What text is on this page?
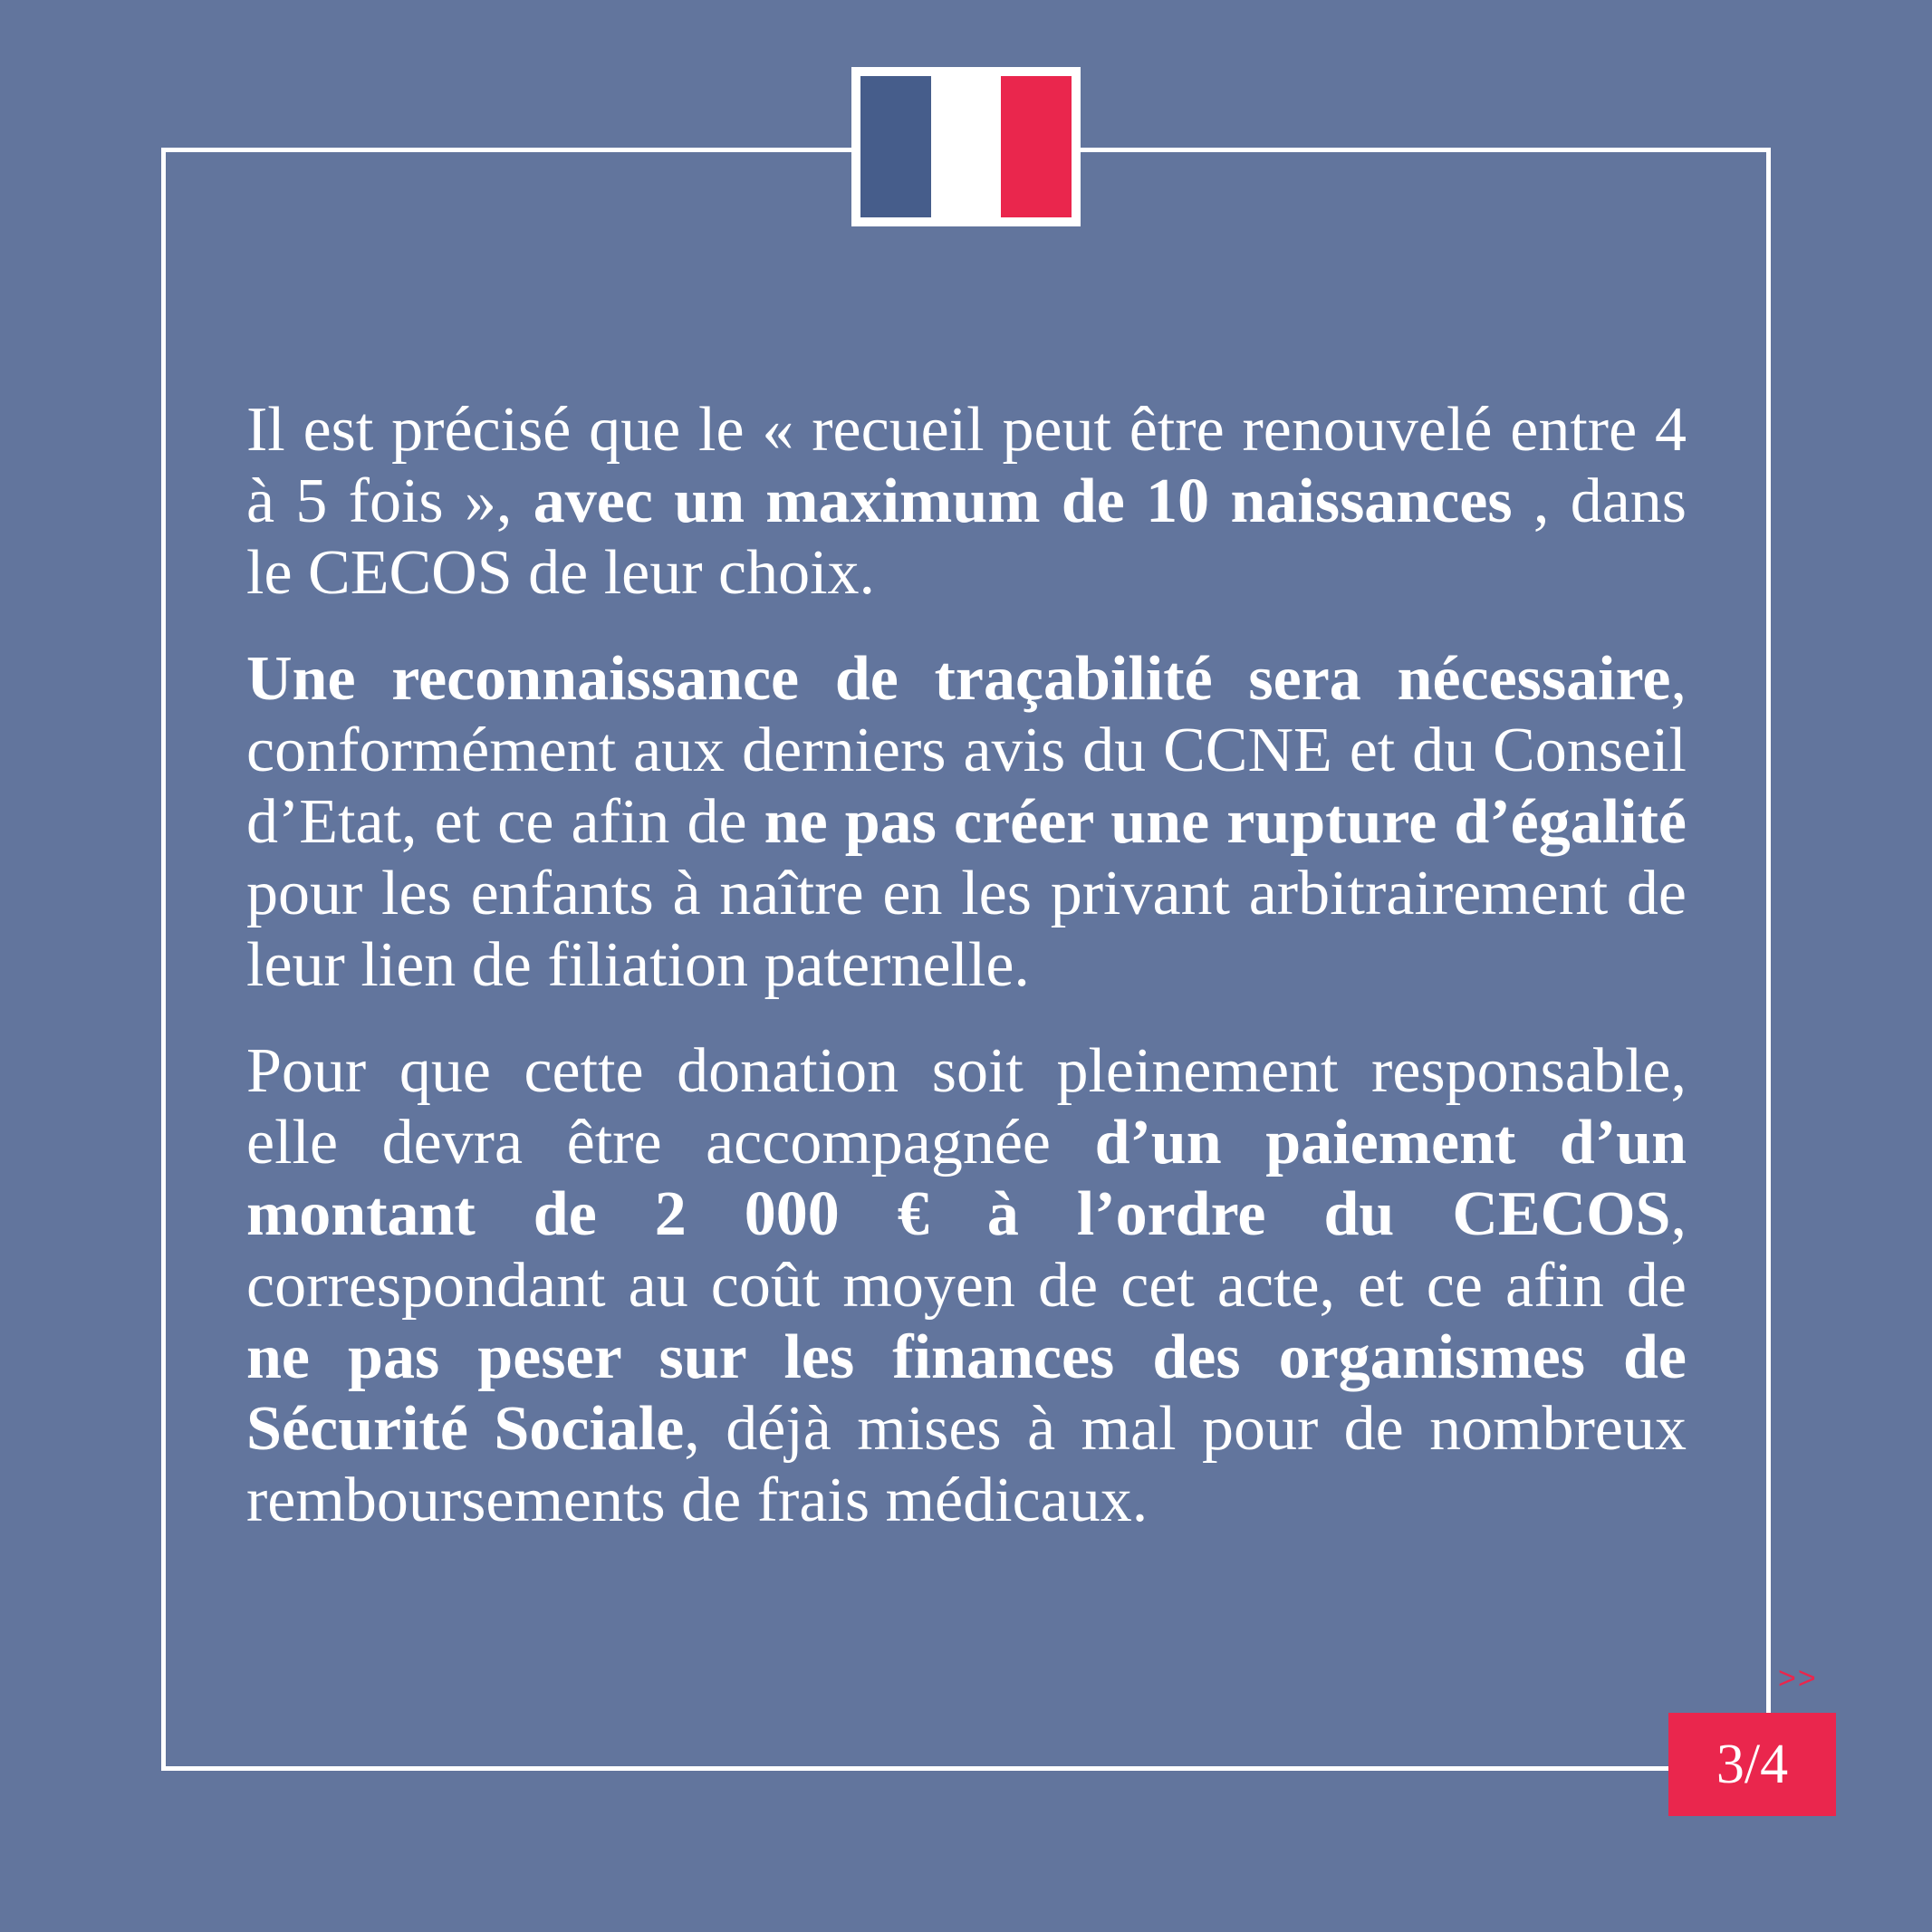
Il est précisé que le « recueil peut être renouvelé entre 4 à 5 fois », avec un maximum de 10 naissances , dans le CECOS de leur choix.

Une reconnaissance de traçabilité sera nécessaire, conformément aux derniers avis du CCNE et du Conseil d’Etat, et ce afin de ne pas créer une rupture d’égalité pour les enfants à naître en les privant arbitrairement de leur lien de filiation paternelle.

Pour que cette donation soit pleinement responsable, elle devra être accompagnée d’un paiement d’un montant de 2 000 € à l’ordre du CECOS, correspondant au coût moyen de cet acte, et ce afin de ne pas peser sur les finances des organismes de Sécurité Sociale, déjà mises à mal pour de nombreux remboursements de frais médicaux.

>>
3/4
